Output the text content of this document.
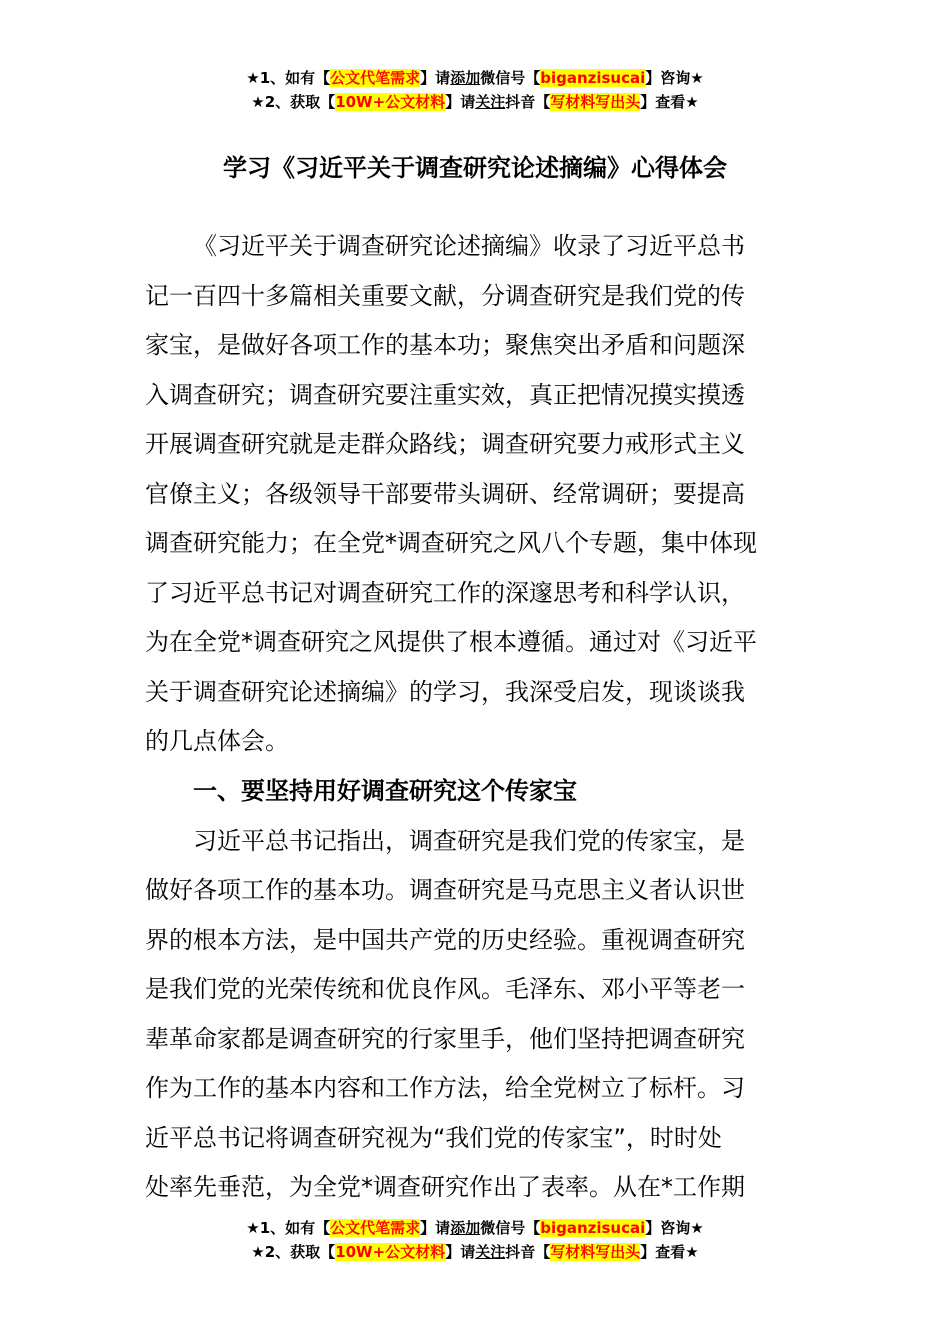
★1、如有【公文代笔需求】请添加微信号【biganzisucai】咨询★
★2、获取【10W+公文材料】请关注抖音【写材料写出头】查看★
学习《习近平关于调查研究论述摘编》心得体会

《习近平关于调查研究论述摘编》收录了习近平总书
记一百四十多篇相关重要文献，分调查研究是我们党的传
家宝，是做好各项工作的基本功；聚焦突出矛盾和问题深
入调查研究；调查研究要注重实效，真正把情况摸实摸透
开展调查研究就是走群众路线；调查研究要力戒形式主义
官僚主义；各级领导干部要带头调研、经常调研；要提高
调查研究能力；在全党*调查研究之风八个专题，集中体现
了习近平总书记对调查研究工作的深邃思考和科学认识，
为在全党*调查研究之风提供了根本遵循。通过对《习近平
关于调查研究论述摘编》的学习，我深受启发，现谈谈我
的几点体会。

一、要坚持用好调查研究这个传家宝

习近平总书记指出，调查研究是我们党的传家宝，是
做好各项工作的基本功。调查研究是马克思主义者认识世
界的根本方法，是中国共产党的历史经验。重视调查研究
是我们党的光荣传统和优良作风。毛泽东、邓小平等老一
辈革命家都是调查研究的行家里手，他们坚持把调查研究
作为工作的基本内容和工作方法，给全党树立了标杆。习
近平总书记将调查研究视为“我们党的传家宝”，时时处
处率先垂范，为全党*调查研究作出了表率。从在*工作期

★1、如有【公文代笔需求】请添加微信号【biganzisucai】咨询★
★2、获取【10W+公文材料】请关注抖音【写材料写出头】查看★
